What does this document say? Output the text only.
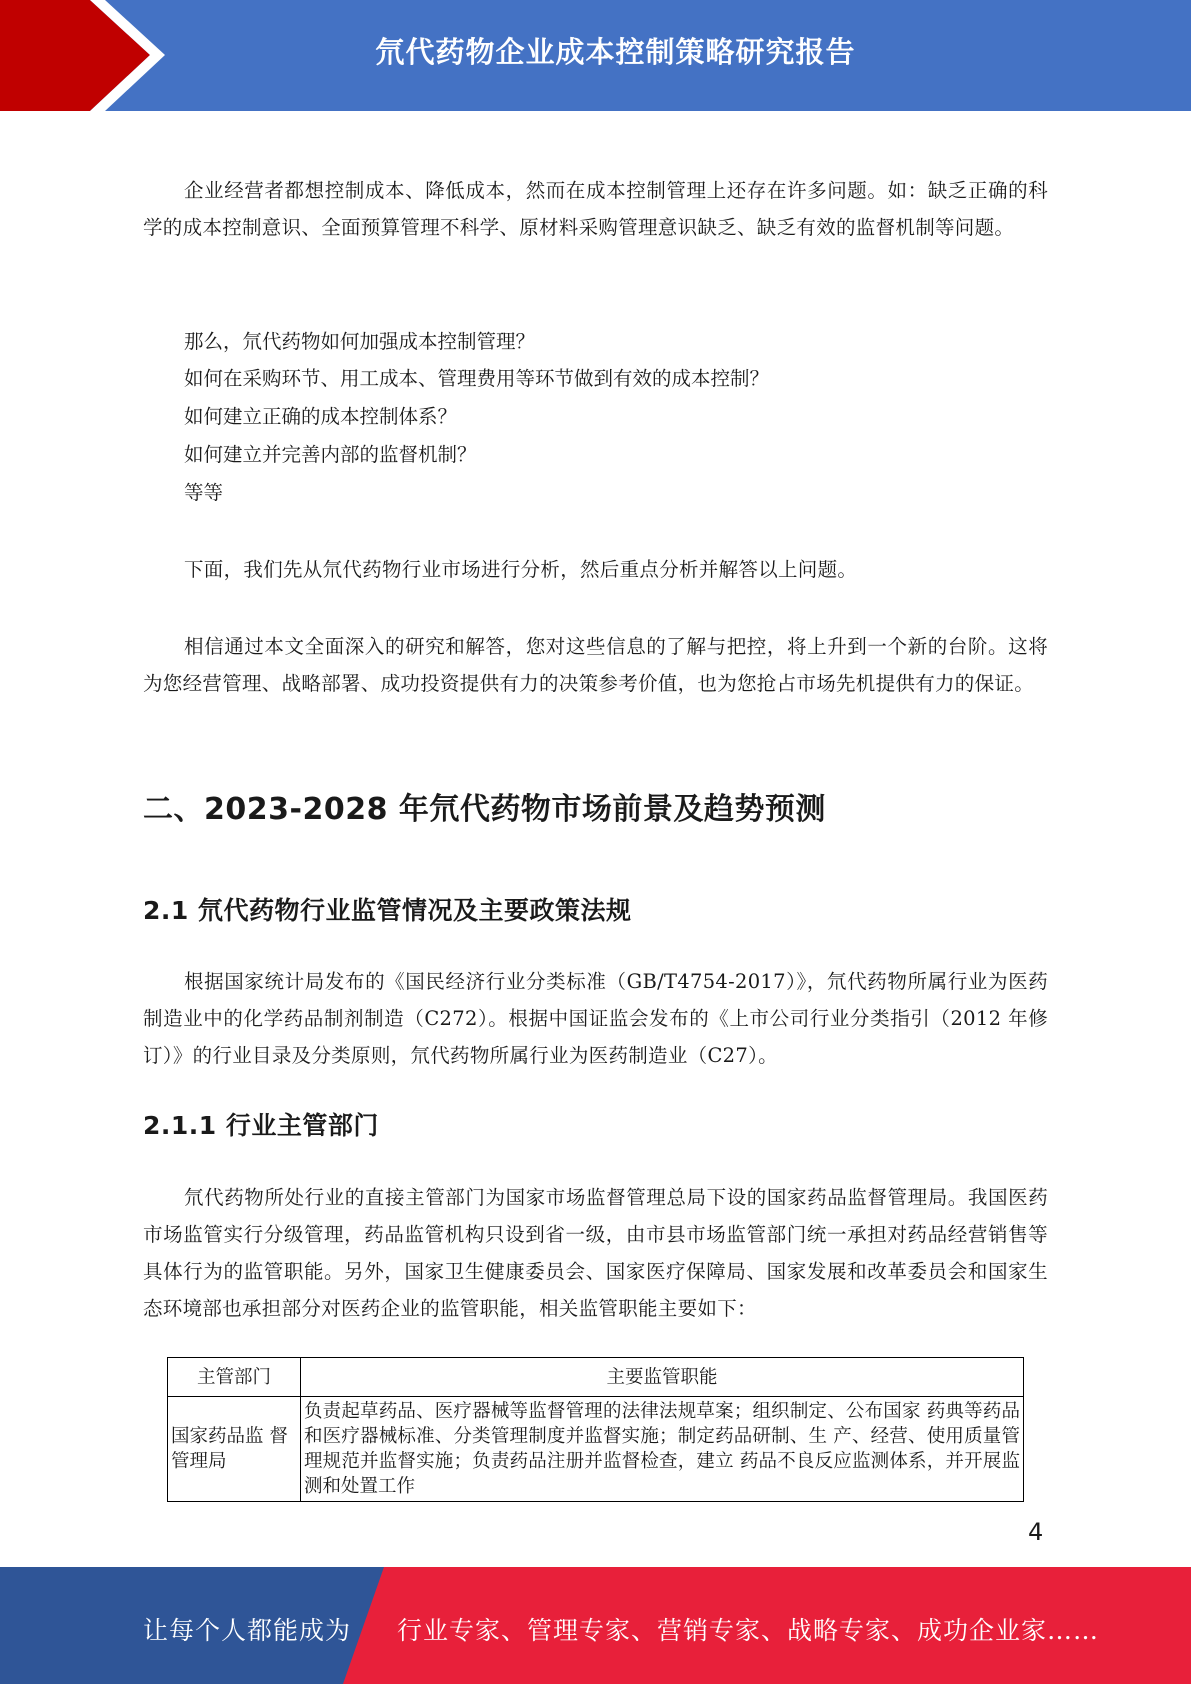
氘代药物企业成本控制策略研究报告
企业经营者都想控制成本、降低成本，然而在成本控制管理上还存在许多问题。如：缺乏正确的科学的成本控制意识、全面预算管理不科学、原材料采购管理意识缺乏、缺乏有效的监督机制等问题。
那么，氘代药物如何加强成本控制管理？
如何在采购环节、用工成本、管理费用等环节做到有效的成本控制？
如何建立正确的成本控制体系？
如何建立并完善内部的监督机制？
等等
下面，我们先从氘代药物行业市场进行分析，然后重点分析并解答以上问题。
相信通过本文全面深入的研究和解答，您对这些信息的了解与把控，将上升到一个新的台阶。这将为您经营管理、战略部署、成功投资提供有力的决策参考价值，也为您抢占市场先机提供有力的保证。
二、2023-2028 年氘代药物市场前景及趋势预测
2.1 氘代药物行业监管情况及主要政策法规
根据国家统计局发布的《国民经济行业分类标准（GB/T4754-2017）》，氘代药物所属行业为医药制造业中的化学药品制剂制造（C272）。根据中国证监会发布的《上市公司行业分类指引（2012 年修订）》的行业目录及分类原则，氘代药物所属行业为医药制造业（C27）。
2.1.1 行业主管部门
氘代药物所处行业的直接主管部门为国家市场监督管理总局下设的国家药品监督管理局。我国医药市场监管实行分级管理，药品监管机构只设到省一级，由市县市场监管部门统一承担对药品经营销售等具体行为的监管职能。另外，国家卫生健康委员会、国家医疗保障局、国家发展和改革委员会和国家生态环境部也承担部分对医药企业的监管职能，相关监管职能主要如下：
主管部门	主要监管职能
国家药品监 督管理局	负责起草药品、医疗器械等监督管理的法律法规草案；组织制定、公布国家 药典等药品和医疗器械标准、分类管理制度并监督实施；制定药品研制、生 产、经营、使用质量管理规范并监督实施；负责药品注册并监督检查，建立 药品不良反应监测体系，并开展监测和处置工作
4
让每个人都能成为 行业专家、管理专家、营销专家、战略专家、成功企业家……
